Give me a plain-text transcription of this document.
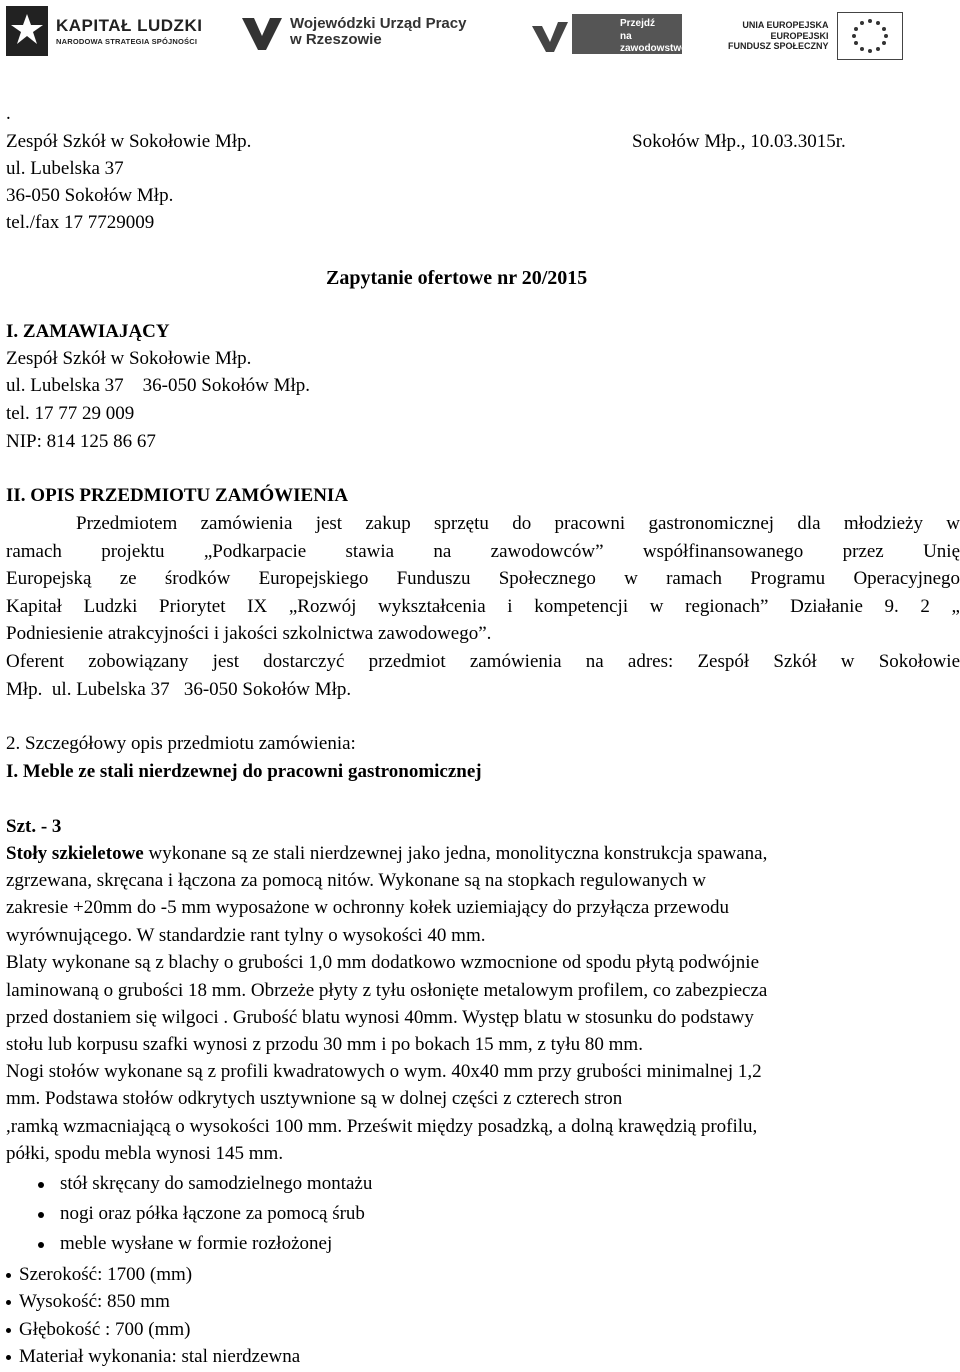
KAPITAŁ LUDZKI
NARODOWA STRATEGIA SPÓJNOŚCI
Wojewódzki Urząd Pracy
w Rzeszowie
Przejdź
na zawodowstwo
UNIA EUROPEJSKA
EUROPEJSKI
FUNDUSZ SPOŁECZNY

.

Zespół Szkół w Sokołowie Młp.	Sokołów Młp., 10.03.3015r.

ul. Lubelska 37

36-050 Sokołów Młp.

tel./fax 17 7729009

Zapytanie ofertowe nr 20/2015

I. ZAMAWIAJĄCY

Zespół Szkół w Sokołowie Młp.

ul. Lubelska 37    36-050 Sokołów Młp.

tel. 17 77 29 009

NIP: 814 125 86 67

II. OPIS PRZEDMIOTU ZAMÓWIENIA

Przedmiotem zamówienia jest zakup sprzętu do pracowni gastronomicznej dla młodzieży w

ramach projektu „Podkarpacie stawia na zawodowców” współfinansowanego przez Unię

Europejską ze środków Europejskiego Funduszu Społecznego w ramach Programu Operacyjnego

Kapitał Ludzki Priorytet IX „Rozwój wykształcenia i kompetencji w regionach” Działanie 9. 2 „

Podniesienie atrakcyjności i jakości szkolnictwa zawodowego”.

Oferent zobowiązany jest dostarczyć przedmiot zamówienia na adres: Zespół Szkół w Sokołowie

Młp.  ul. Lubelska 37   36-050 Sokołów Młp.

2. Szczegółowy opis przedmiotu zamówienia:

I. Meble ze stali nierdzewnej do pracowni gastronomicznej

Szt. - 3

Stoły szkieletowe wykonane są ze stali nierdzewnej jako jedna, monolityczna konstrukcja spawana,

zgrzewana, skręcana i łączona za pomocą nitów. Wykonane są na stopkach regulowanych w

zakresie +20mm do -5 mm wyposażone w ochronny kołek uziemiający do przyłącza przewodu

wyrównującego. W standardzie rant tylny o wysokości 40 mm.

Blaty wykonane są z blachy o grubości 1,0 mm dodatkowo wzmocnione od spodu płytą podwójnie

laminowaną o grubości 18 mm. Obrzeże płyty z tyłu osłonięte metalowym profilem, co zabezpiecza

przed dostaniem się wilgoci . Grubość blatu wynosi 40mm. Występ blatu w stosunku do podstawy

stołu lub korpusu szafki wynosi z przodu 30 mm i po bokach 15 mm, z tyłu 80 mm.

Nogi stołów wykonane są z profili kwadratowych o wym. 40x40 mm przy grubości minimalnej 1,2

mm. Podstawa stołów odkrytych usztywnione są w dolnej części z czterech stron

,ramką wzmacniającą o wysokości 100 mm. Prześwit między posadzką, a dolną krawędzią profilu,

półki, spodu mebla wynosi 145 mm.

stół skręcany do samodzielnego montażu

nogi oraz półka łączone za pomocą śrub

meble wysłane w formie rozłożonej

Szerokość: 1700 (mm)

Wysokość: 850 mm

Głębokość : 700 (mm)

Materiał wykonania: stal nierdzewna
